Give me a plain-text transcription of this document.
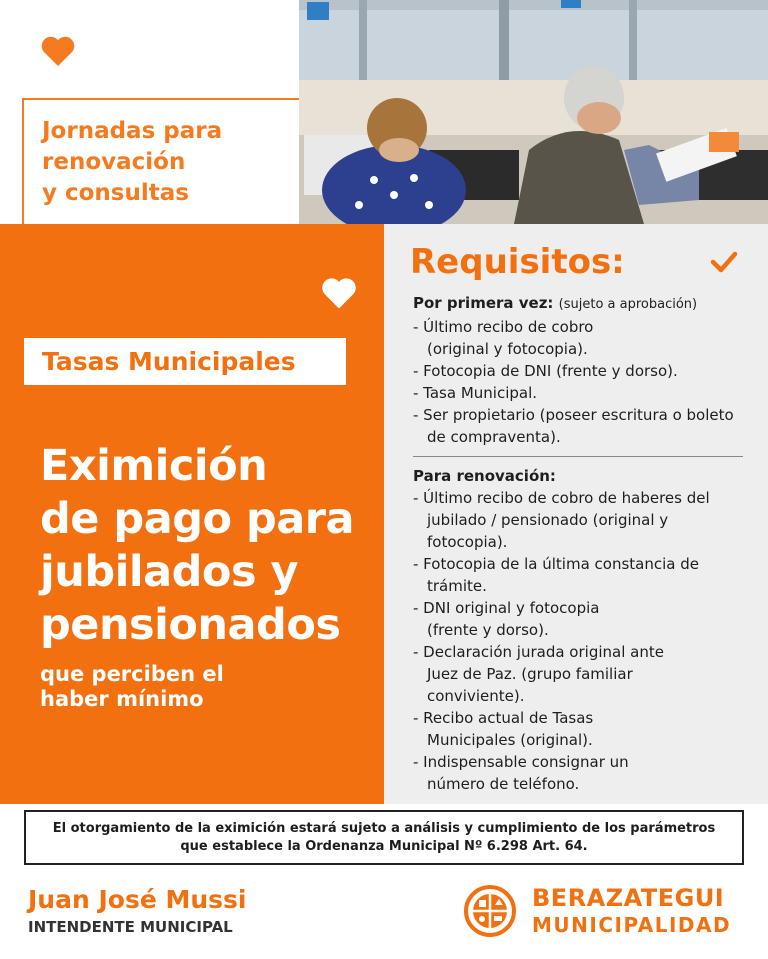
Jornadas para
renovación
y consultas
Tasas Municipales
Eximición
de pago para
jubilados y
pensionados
que perciben el
haber mínimo
Requisitos:
Por primera vez: (sujeto a aprobación)
- Último recibo de cobro (original y fotocopia).
- Fotocopia de DNI (frente y dorso).
- Tasa Municipal.
- Ser propietario (poseer escritura o boleto de compraventa).
Para renovación:
- Último recibo de cobro de haberes del jubilado / pensionado (original y fotocopia).
- Fotocopia de la última constancia de trámite.
- DNI original y fotocopia (frente y dorso).
- Declaración jurada original ante Juez de Paz. (grupo familiar conviviente).
- Recibo actual de Tasas Municipales (original).
- Indispensable consignar un número de teléfono.
El otorgamiento de la eximición estará sujeto a análisis y cumplimiento de los parámetros
que establece la Ordenanza Municipal Nº 6.298 Art. 64.
Juan José Mussi
INTENDENTE MUNICIPAL
BERAZATEGUI
MUNICIPALIDAD
